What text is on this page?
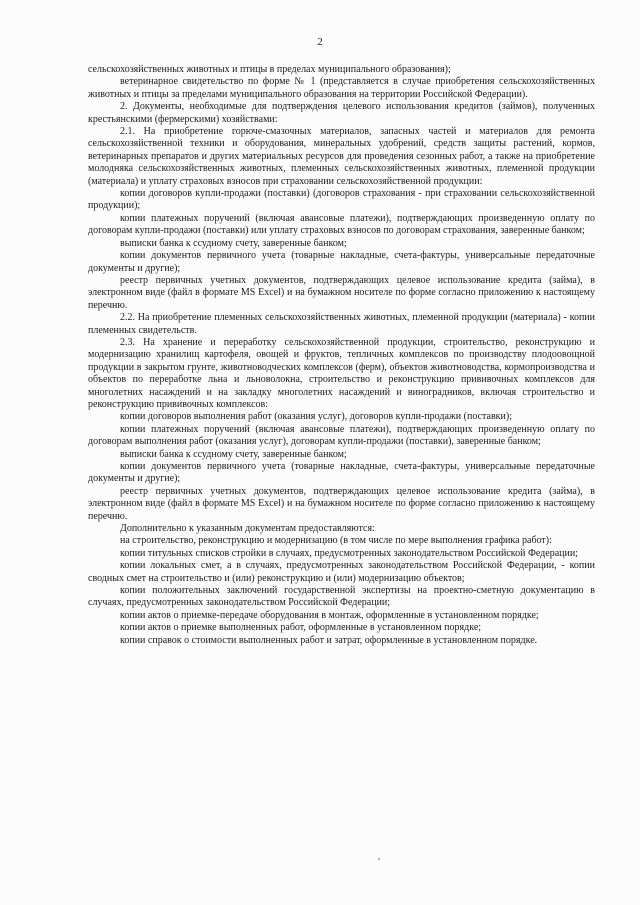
2

сельскохозяйственных животных и птицы в пределах муниципального образования);

ветеринарное свидетельство по форме № 1 (представляется в случае приобретения сельскохозяйственных животных и птицы за пределами муниципального образования на территории Российской Федерации).

2. Документы, необходимые для подтверждения целевого использования кредитов (займов), полученных крестьянскими (фермерскими) хозяйствами:

2.1. На приобретение горюче-смазочных материалов, запасных частей и материалов для ремонта сельскохозяйственной техники и оборудования, минеральных удобрений, средств защиты растений, кормов, ветеринарных препаратов и других материальных ресурсов для проведения сезонных работ, а также на приобретение молодняка сельскохозяйственных животных, племенных сельскохозяйственных животных, племенной продукции (материала) и уплату страховых взносов при страховании сельскохозяйственной продукции:

копии договоров купли-продажи (поставки) (договоров страхования - при страховании сельскохозяйственной продукции);

копии платежных поручений (включая авансовые платежи), подтверждающих произведенную оплату по договорам купли-продажи (поставки) или уплату страховых взносов по договорам страхования, заверенные банком;

выписки банка к ссудному счету, заверенные банком;

копии документов первичного учета (товарные накладные, счета-фактуры, универсальные передаточные документы и другие);

реестр первичных учетных документов, подтверждающих целевое использование кредита (займа), в электронном виде (файл в формате MS Excel) и на бумажном носителе по форме согласно приложению к настоящему перечню.

2.2. На приобретение племенных сельскохозяйственных животных, племенной продукции (материала) - копии племенных свидетельств.

2.3. На хранение и переработку сельскохозяйственной продукции, строительство, реконструкцию и модернизацию хранилищ картофеля, овощей и фруктов, тепличных комплексов по производству плодоовощной продукции в закрытом грунте, животноводческих комплексов (ферм), объектов животноводства, кормопроизводства и объектов по переработке льна и льноволокна, строительство и реконструкцию прививочных комплексов для многолетних насаждений и на закладку многолетних насаждений и виноградников, включая строительство и реконструкцию прививочных комплексов:

копии договоров выполнения работ (оказания услуг), договоров купли-продажи (поставки);

копии платежных поручений (включая авансовые платежи), подтверждающих произведенную оплату по договорам выполнения работ (оказания услуг), договорам купли-продажи (поставки), заверенные банком;

выписки банка к ссудному счету, заверенные банком;

копии документов первичного учета (товарные накладные, счета-фактуры, универсальные передаточные документы и другие);

реестр первичных учетных документов, подтверждающих целевое использование кредита (займа), в электронном виде (файл в формате MS Excel) и на бумажном носителе по форме согласно приложению к настоящему перечню.

Дополнительно к указанным документам предоставляются:

на строительство, реконструкцию и модернизацию (в том числе по мере выполнения графика работ):

копии титульных списков стройки в случаях, предусмотренных законодательством Российской Федерации;

копии локальных смет, а в случаях, предусмотренных законодательством Российской Федерации, - копии сводных смет на строительство и (или) реконструкцию и (или) модернизацию объектов;

копии положительных заключений государственной экспертизы на проектно-сметную документацию в случаях, предусмотренных законодательством Российской Федерации;

копии актов о приемке-передаче оборудования в монтаж, оформленные в установленном порядке;

копии актов о приемке выполненных работ, оформленные в установленном порядке;

копии справок о стоимости выполненных работ и затрат, оформленные в установленном порядке.
